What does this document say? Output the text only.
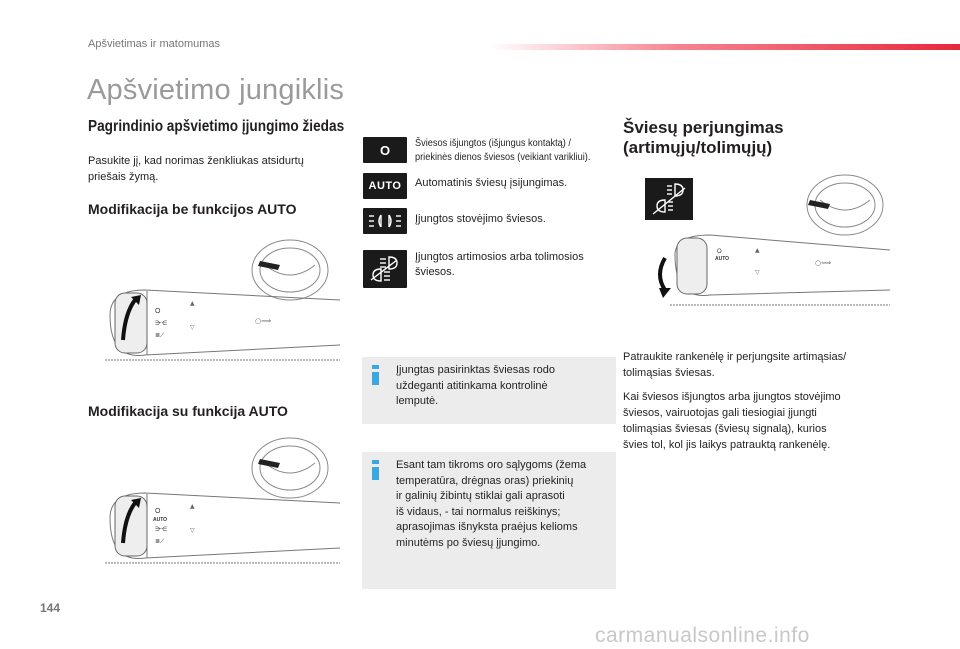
Apšvietimas ir matomumas
Apšvietimo jungiklis
Pagrindinio apšvietimo įjungimo žiedas
Pasukite jį, kad norimas ženkliukas atsidurtų
priešais žymą.
Modifikacija be funkcijos AUTO
O
⋺⋲
≣⟋
▲
▽
○⟹
Modifikacija su funkcija AUTO
O
AUTO
⋺⋲
≣⟋
▲
▽
O Šviesos išjungtos (išjungus kontaktą) /
priekinės dienos šviesos (veikiant varikliui).
AUTO Automatinis šviesų įsijungimas.
Įjungtos stovėjimo šviesos.
Įjungtos artimosios arba tolimosios
šviesos.
Įjungtas pasirinktas šviesas rodo
uždeganti atitinkama kontrolinė
lemputė.
Esant tam tikroms oro sąlygoms (žema
temperatūra, drėgnas oras) priekinių
ir galinių žibintų stiklai gali aprasoti
iš vidaus, - tai normalus reiškinys;
aprasojimas išnyksta praėjus kelioms
minutėms po šviesų įjungimo.
Šviesų perjungimas
(artimųjų/tolimųjų)
O
AUTO
▲
▽
○⟹
Patraukite rankenėlę ir perjungsite artimąsias/
tolimąsias šviesas.
Kai šviesos išjungtos arba įjungtos stovėjimo
šviesos, vairuotojas gali tiesiogiai įjungti
tolimąsias šviesas (šviesų signalą), kurios
švies tol, kol jis laikys patrauktą rankenėlę.
144
carmanualsonline.info
